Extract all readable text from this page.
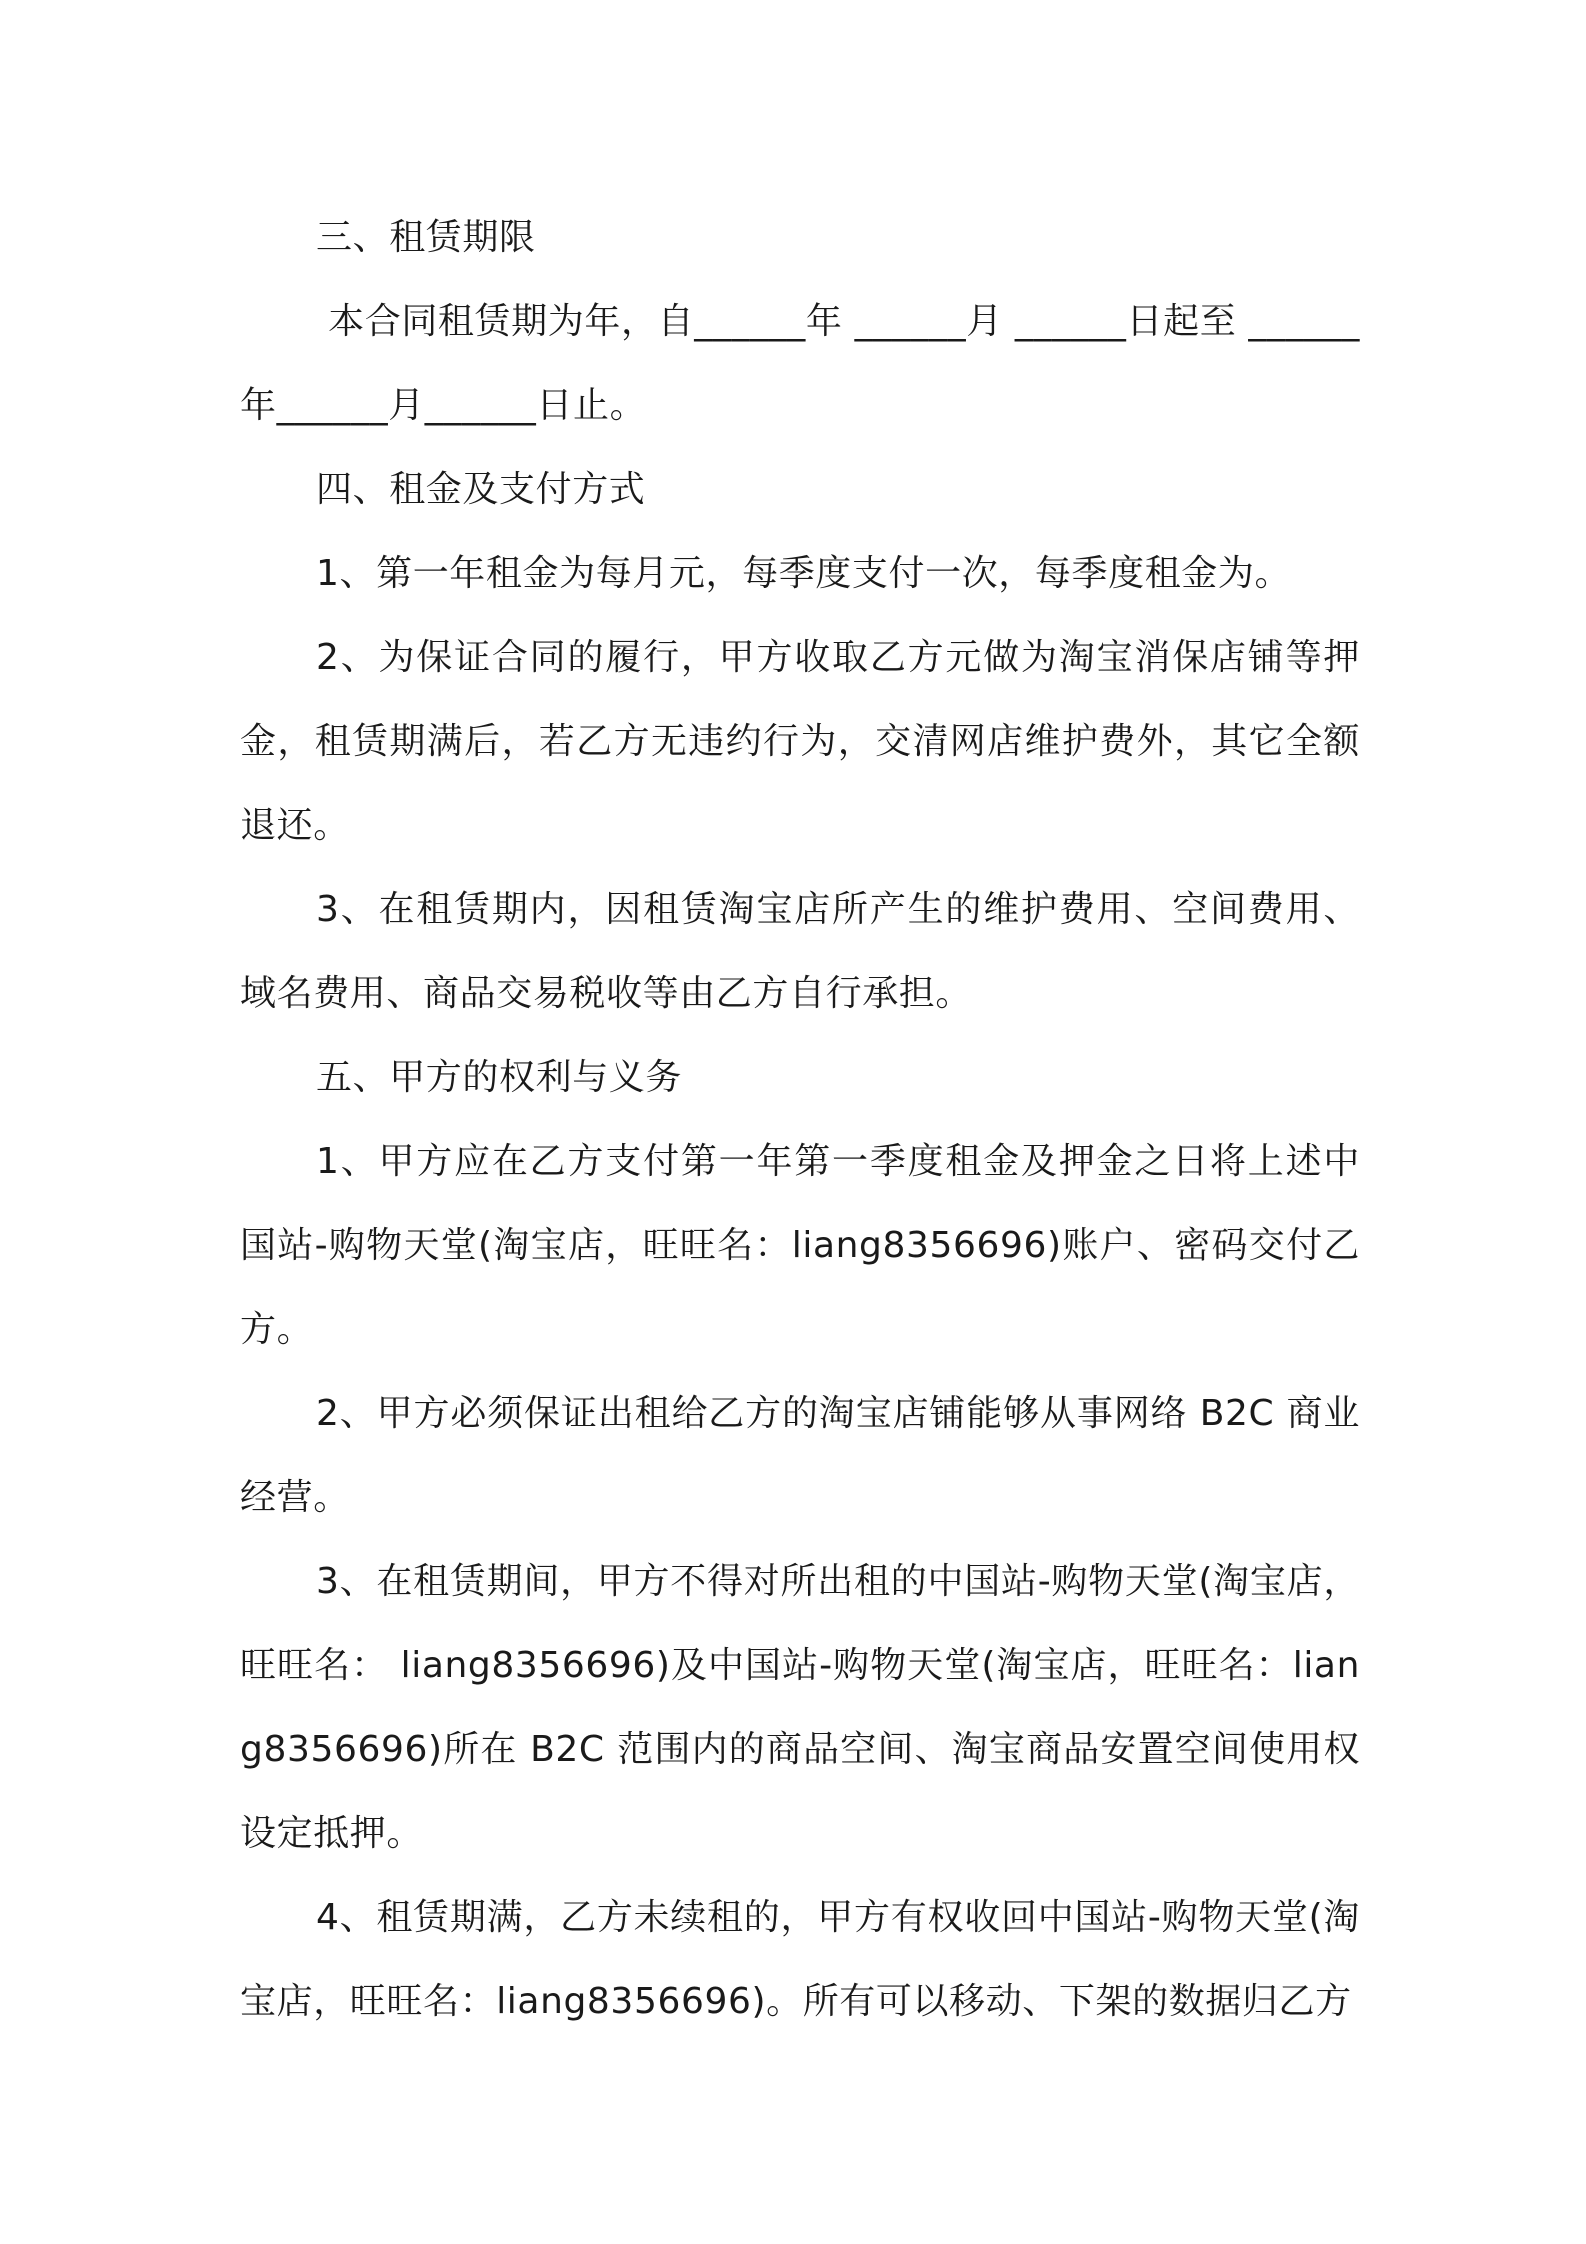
三、租赁期限

本合同租赁期为年，自______年 ______月 ______日起至 ______年______月______日止。

四、租金及支付方式

1、第一年租金为每月元，每季度支付一次，每季度租金为。

2、为保证合同的履行，甲方收取乙方元做为淘宝消保店铺等押金，租赁期满后，若乙方无违约行为，交清网店维护费外，其它全额退还。

3、在租赁期内，因租赁淘宝店所产生的维护费用、空间费用、域名费用、商品交易税收等由乙方自行承担。

五、甲方的权利与义务

1、甲方应在乙方支付第一年第一季度租金及押金之日将上述中国站-购物天堂(淘宝店，旺旺名：liang8356696)账户、密码交付乙方。

2、甲方必须保证出租给乙方的淘宝店铺能够从事网络 B2C 商业经营。

3、在租赁期间，甲方不得对所出租的中国站-购物天堂(淘宝店，旺旺名： liang8356696)及中国站-购物天堂(淘宝店，旺旺名：liang8356696)所在 B2C 范围内的商品空间、淘宝商品安置空间使用权设定抵押。

4、租赁期满，乙方未续租的，甲方有权收回中国站-购物天堂(淘宝店，旺旺名：liang8356696)。所有可以移动、下架的数据归乙方
